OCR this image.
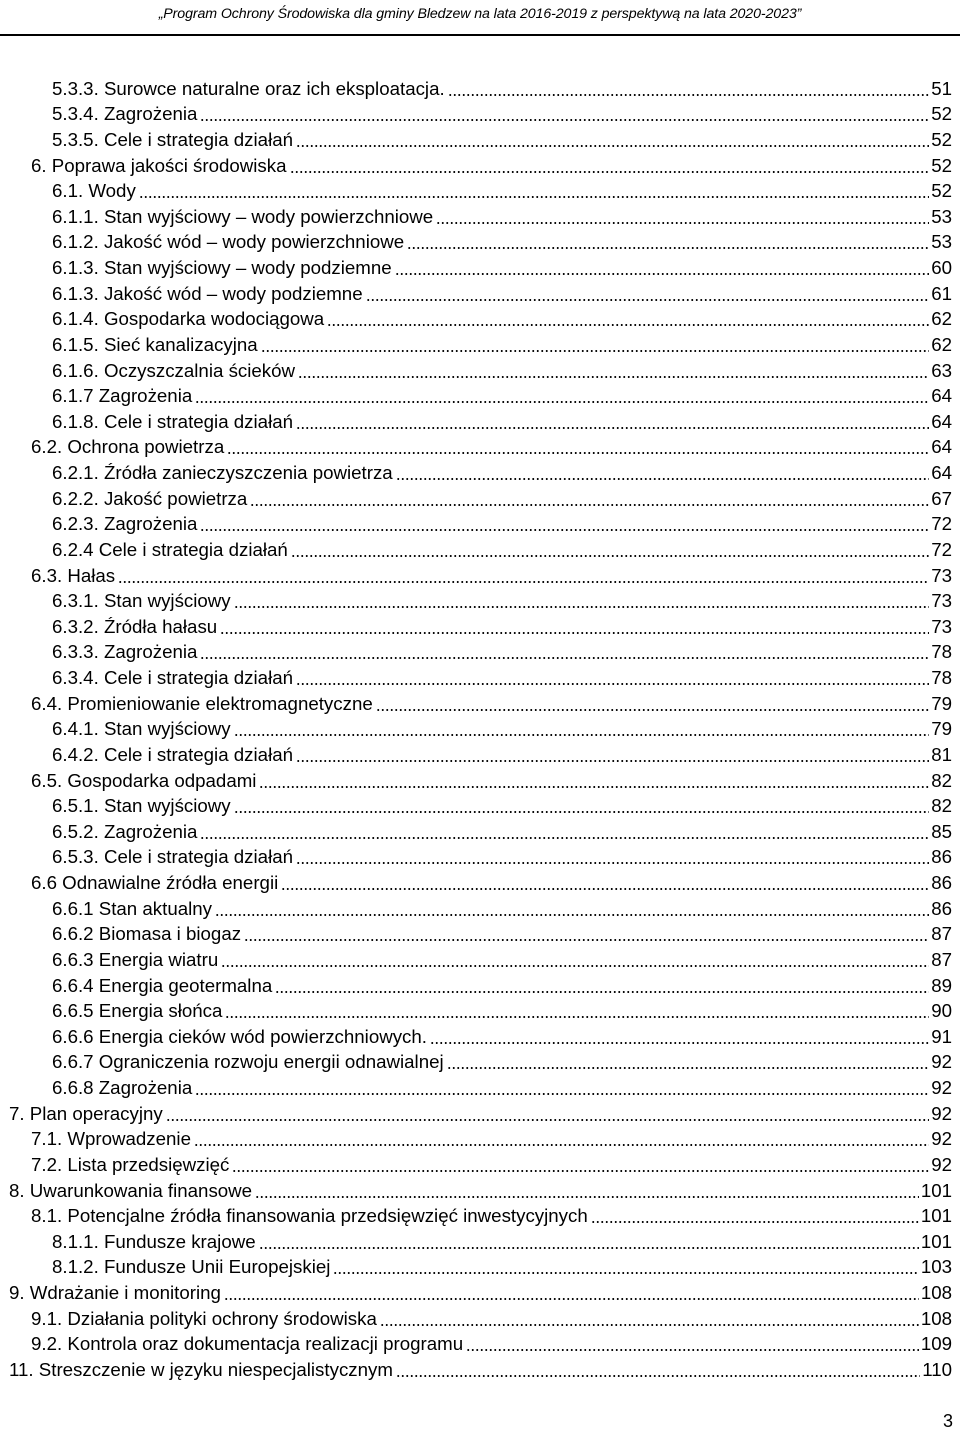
„Program Ochrony Środowiska dla gminy Bledzew na lata 2016-2019 z perspektywą na lata 2020-2023”
5.3.3. Surowce naturalne oraz ich eksploatacja.	51
5.3.4. Zagrożenia	52
5.3.5. Cele i strategia działań	52
6. Poprawa jakości środowiska	52
6.1. Wody	52
6.1.1. Stan wyjściowy – wody powierzchniowe	53
6.1.2. Jakość wód – wody powierzchniowe	53
6.1.3. Stan wyjściowy – wody podziemne	60
6.1.3. Jakość wód – wody podziemne	61
6.1.4. Gospodarka wodociągowa	62
6.1.5. Sieć kanalizacyjna	62
6.1.6. Oczyszczalnia ścieków	63
6.1.7 Zagrożenia	64
6.1.8. Cele i strategia działań	64
6.2. Ochrona powietrza	64
6.2.1. Źródła zanieczyszczenia powietrza	64
6.2.2. Jakość powietrza	67
6.2.3. Zagrożenia	72
6.2.4 Cele i strategia działań	72
6.3. Hałas	73
6.3.1. Stan wyjściowy	73
6.3.2. Źródła hałasu	73
6.3.3. Zagrożenia	78
6.3.4. Cele i strategia działań	78
6.4. Promieniowanie elektromagnetyczne	79
6.4.1. Stan wyjściowy	79
6.4.2. Cele i strategia działań	81
6.5. Gospodarka odpadami	82
6.5.1. Stan wyjściowy	82
6.5.2. Zagrożenia	85
6.5.3. Cele i strategia działań	86
6.6 Odnawialne źródła energii	86
6.6.1 Stan aktualny	86
6.6.2 Biomasa i biogaz	87
6.6.3 Energia wiatru	87
6.6.4 Energia geotermalna	89
6.6.5 Energia słońca	90
6.6.6 Energia cieków wód powierzchniowych.	91
6.6.7 Ograniczenia rozwoju energii odnawialnej	92
6.6.8 Zagrożenia	92
7. Plan operacyjny	92
7.1. Wprowadzenie	92
7.2. Lista przedsięwzięć	92
8. Uwarunkowania finansowe	101
8.1. Potencjalne źródła finansowania przedsięwzięć inwestycyjnych	101
8.1.1. Fundusze krajowe	101
8.1.2. Fundusze Unii Europejskiej	103
9. Wdrażanie i monitoring	108
9.1. Działania polityki ochrony środowiska	108
9.2. Kontrola oraz dokumentacja realizacji programu	109
11. Streszczenie w języku niespecjalistycznym	110
3
